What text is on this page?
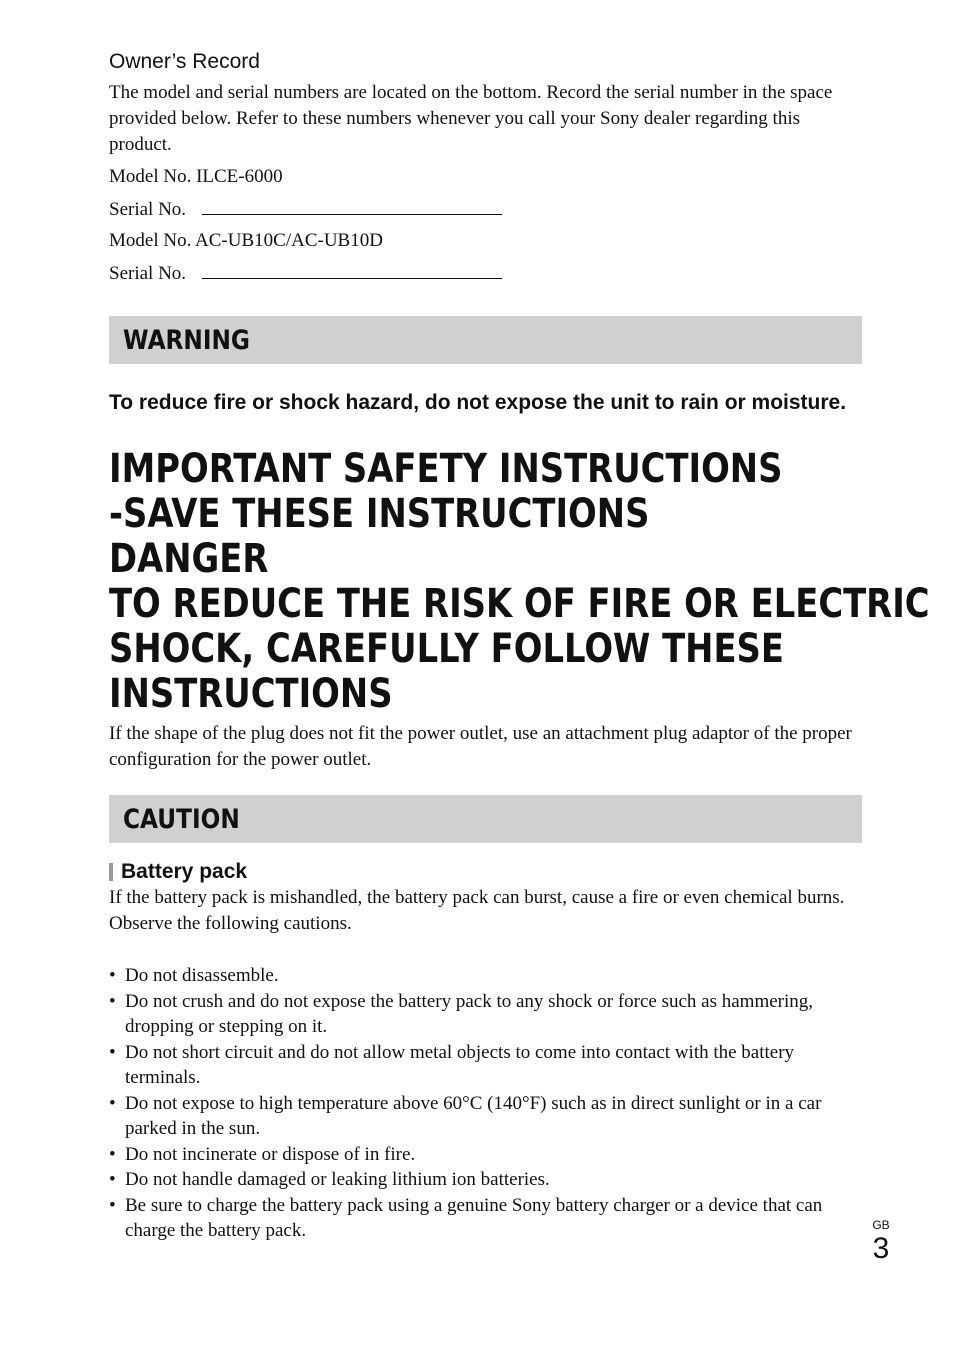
Owner’s Record

The model and serial numbers are located on the bottom. Record the serial number in the space provided below. Refer to these numbers whenever you call your Sony dealer regarding this product.

Model No. ILCE-6000
Serial No.
Model No. AC-UB10C/AC-UB10D
Serial No.
WARNING

To reduce fire or shock hazard, do not expose the unit to rain or moisture.

IMPORTANT SAFETY INSTRUCTIONS
-SAVE THESE INSTRUCTIONS
DANGER
TO REDUCE THE RISK OF FIRE OR ELECTRIC
SHOCK, CAREFULLY FOLLOW THESE
INSTRUCTIONS

If the shape of the plug does not fit the power outlet, use an attachment plug adaptor of the proper configuration for the power outlet.

CAUTION
Battery pack

If the battery pack is mishandled, the battery pack can burst, cause a fire or even chemical burns. Observe the following cautions.

• Do not disassemble.
• Do not crush and do not expose the battery pack to any shock or force such as hammering, dropping or stepping on it.
• Do not short circuit and do not allow metal objects to come into contact with the battery terminals.
• Do not expose to high temperature above 60°C (140°F) such as in direct sunlight or in a car parked in the sun.
• Do not incinerate or dispose of in fire.
• Do not handle damaged or leaking lithium ion batteries.
• Be sure to charge the battery pack using a genuine Sony battery charger or a device that can charge the battery pack.	GB
3
